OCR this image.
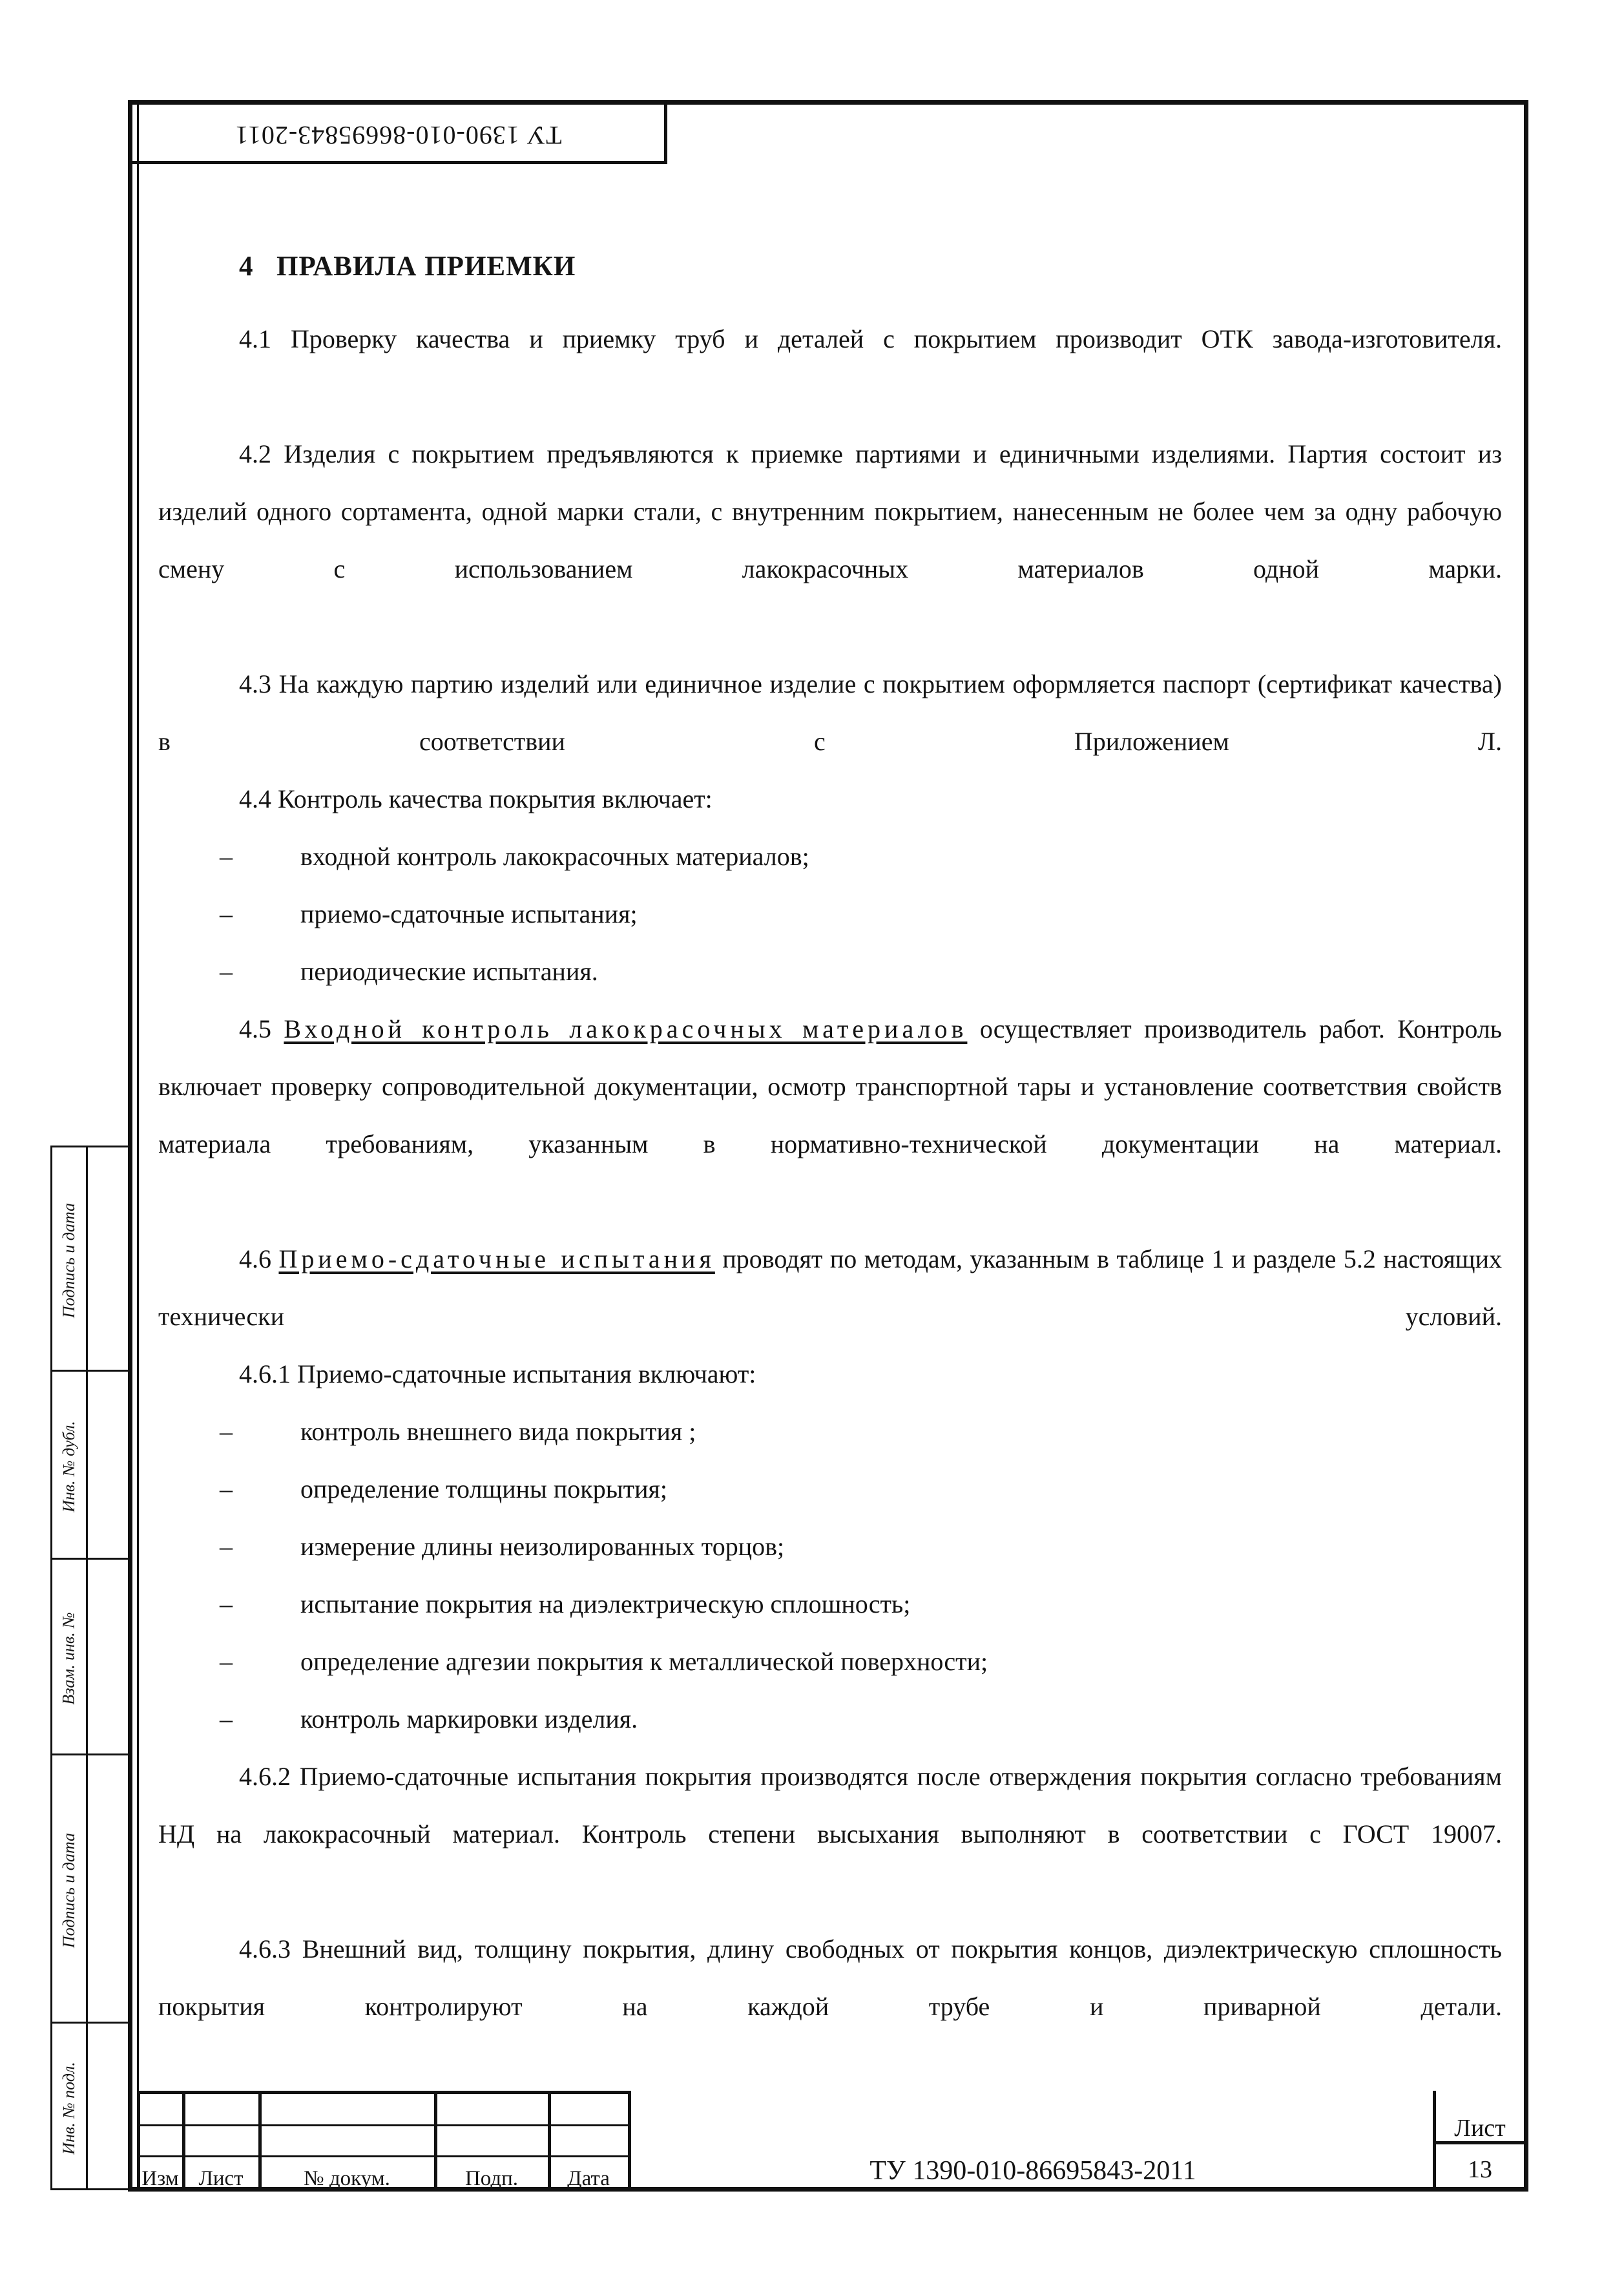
ТУ 1390-010-86695843-2011
Подпись и дата
Инв. № дубл.
Взам. инв. №
Подпись и дата
Инв. № подл.
4 ПРАВИЛА ПРИЕМКИ
4.1 Проверку качества и приемку труб и деталей с покрытием производит ОТК завода-изготовителя.
4.2 Изделия с покрытием предъявляются к приемке партиями и единичными изделиями. Партия состоит из изделий одного сортамента, одной марки стали, с внутренним покрытием, нанесенным не более чем за одну рабочую смену с использованием лакокрасочных материалов одной марки.
4.3 На каждую партию изделий или единичное изделие с покрытием оформляется паспорт (сертификат качества) в соответствии с Приложением Л.
4.4 Контроль качества покрытия включает:
–	входной контроль лакокрасочных материалов;
–	приемо-сдаточные испытания;
–	периодические испытания.
4.5 Входной контроль лакокрасочных материалов осуществляет производитель работ. Контроль включает проверку сопроводительной документации, осмотр транспортной тары и установление соответствия свойств материала требованиям, указанным в нормативно-технической документации на материал.
4.6 Приемо-сдаточные испытания проводят по методам, указанным в таблице 1 и разделе 5.2 настоящих технически условий.
4.6.1 Приемо-сдаточные испытания включают:
–	контроль внешнего вида покрытия ;
–	определение толщины покрытия;
–	измерение длины неизолированных торцов;
–	испытание покрытия на диэлектрическую сплошность;
–	определение адгезии покрытия к металлической поверхности;
–	контроль маркировки изделия.
4.6.2 Приемо-сдаточные испытания покрытия производятся после отверждения покрытия согласно требованиям НД на лакокрасочный материал. Контроль степени высыхания выполняют в соответствии с ГОСТ 19007.
4.6.3 Внешний вид, толщину покрытия, длину свободных от покрытия концов, диэлектрическую сплошность покрытия контролируют на каждой трубе и приварной детали.
Изм Лист	№ докум.	Подп.	Дата	ТУ 1390-010-86695843-2011
Лист
13
